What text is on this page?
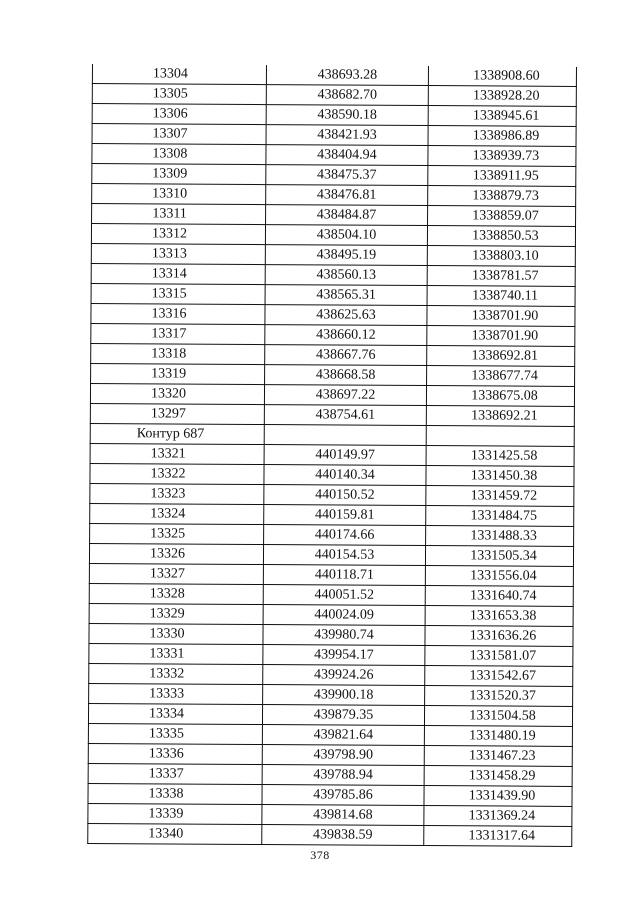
13304	438693.28	1338908.60
13305	438682.70	1338928.20
13306	438590.18	1338945.61
13307	438421.93	1338986.89
13308	438404.94	1338939.73
13309	438475.37	1338911.95
13310	438476.81	1338879.73
13311	438484.87	1338859.07
13312	438504.10	1338850.53
13313	438495.19	1338803.10
13314	438560.13	1338781.57
13315	438565.31	1338740.11
13316	438625.63	1338701.90
13317	438660.12	1338701.90
13318	438667.76	1338692.81
13319	438668.58	1338677.74
13320	438697.22	1338675.08
13297	438754.61	1338692.21
Контур 687		
13321	440149.97	1331425.58
13322	440140.34	1331450.38
13323	440150.52	1331459.72
13324	440159.81	1331484.75
13325	440174.66	1331488.33
13326	440154.53	1331505.34
13327	440118.71	1331556.04
13328	440051.52	1331640.74
13329	440024.09	1331653.38
13330	439980.74	1331636.26
13331	439954.17	1331581.07
13332	439924.26	1331542.67
13333	439900.18	1331520.37
13334	439879.35	1331504.58
13335	439821.64	1331480.19
13336	439798.90	1331467.23
13337	439788.94	1331458.29
13338	439785.86	1331439.90
13339	439814.68	1331369.24
13340	439838.59	1331317.64
378
